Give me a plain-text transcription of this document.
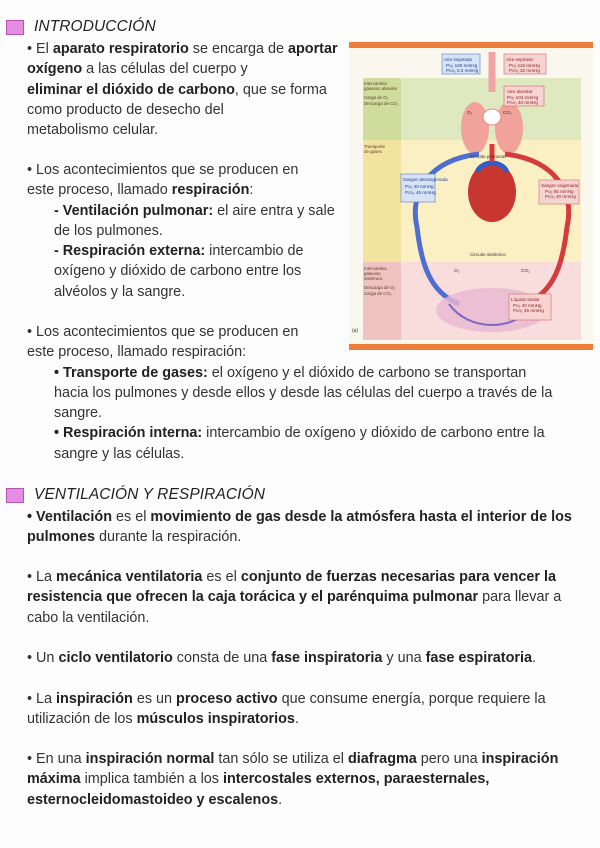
INTRODUCCIÓN
• El aparato respiratorio se encarga de aportar
oxígeno a las células del cuerpo y
eliminar el dióxido de carbono, que se forma
como producto de desecho del
metabolismo celular.
• Los acontecimientos que se producen en
este proceso, llamado respiración:
- Ventilación pulmonar: el aire entra y sale
de los pulmones.
- Respiración externa: intercambio de
oxígeno y dióxido de carbono entre los
alvéolos y la sangre.
• Los acontecimientos que se producen en
este proceso, llamado respiración:
• Transporte de gases: el oxígeno y el dióxido de carbono se transportan
hacia los pulmones y desde ellos y desde las células del cuerpo a través de la
sangre.
• Respiración interna: intercambio de oxígeno y dióxido de carbono entre la
sangre y las células.
Aire inspirado
Po₂ 160 mmHg
Pco₂ 0.3 mmHg
Aire espirado
Po₂ 116 mmHg
Pco₂ 32 mmHg
Aire alveolar
Po₂ 104 mmHg
Pco₂ 40 mmHg
Sangre oxigenada
Po₂ 95 mmHg
Pco₂ 40 mmHg
Líquido tisular
Po₂ 40 mmHg
Pco₂ 45 mmHg
Sangre desoxigenada
Po₂ 40 mmHg
Pco₂ 45 mmHg
Intercambio
gaseoso alveolar
Carga de O₂
Descarga de CO₂
Transporte
de gases
Intercambio
gaseoso
sistémico
Descarga de O₂
Carga de CO₂
Circuito pulmonar
Circuito sistémico
O₂	CO₂
O₂	CO₂
(a)
VENTILACIÓN Y RESPIRACIÓN
• Ventilación es el movimiento de gas desde la atmósfera hasta el interior de los
pulmones durante la respiración.
• La mecánica ventilatoria es el conjunto de fuerzas necesarias para vencer la
resistencia que ofrecen la caja torácica y el parénquima pulmonar para llevar a
cabo la ventilación.
• Un ciclo ventilatorio consta de una fase inspiratoria y una fase espiratoria.
• La inspiración es un proceso activo que consume energía, porque requiere la
utilización de los músculos inspiratorios.
• En una inspiración normal tan sólo se utiliza el diafragma pero una inspiración
máxima implica también a los intercostales externos, paraesternales,
esternocleidomastoideo y escalenos.
